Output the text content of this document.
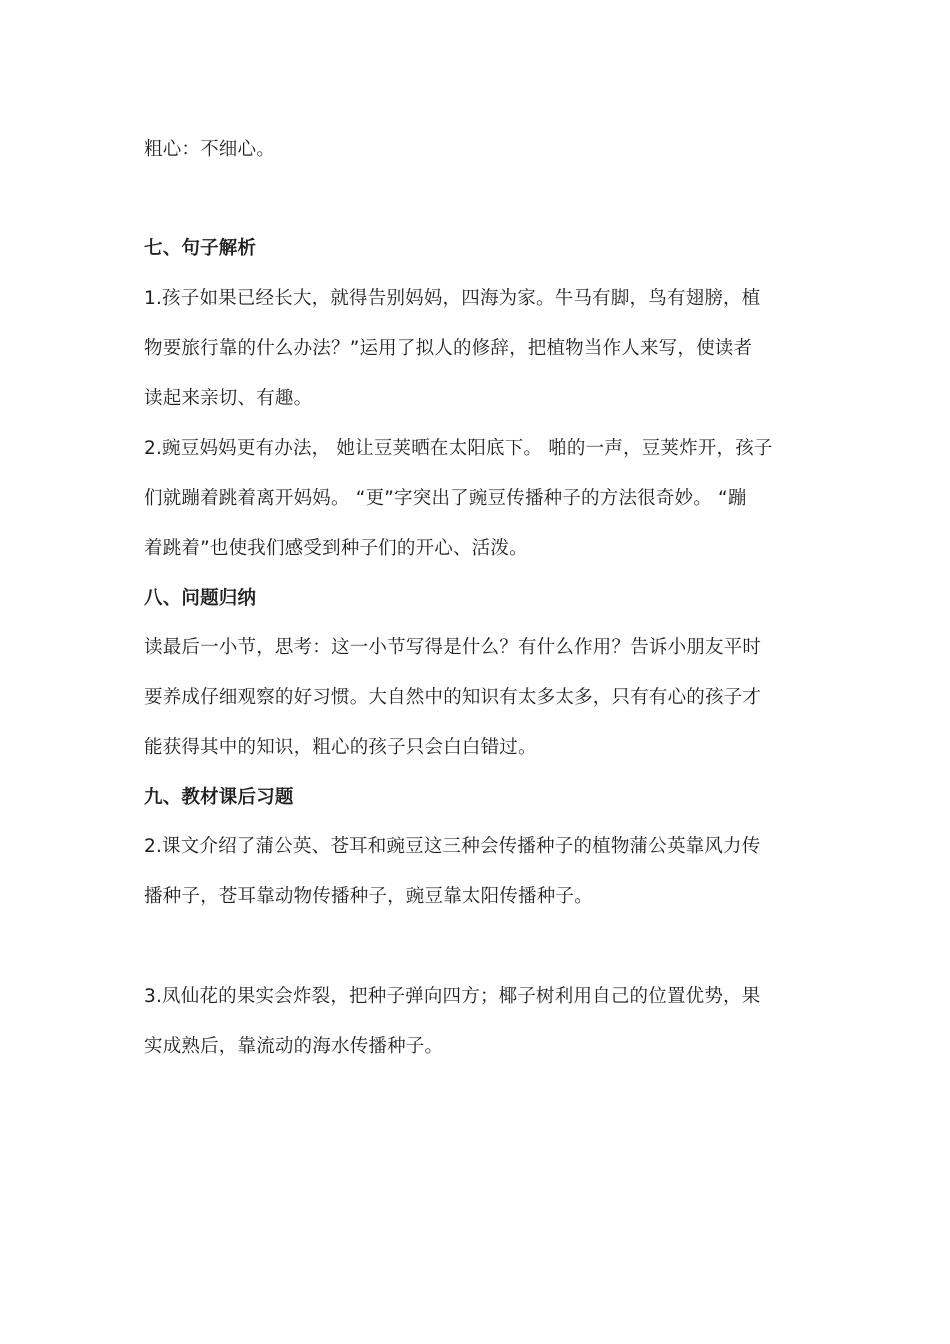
粗心：不细心。
七、句子解析
1.孩子如果已经长大，就得告别妈妈，四海为家。牛马有脚，鸟有翅膀，植
物要旅行靠的什么办法？”运用了拟人的修辞，把植物当作人来写，使读者
读起来亲切、有趣。
2.豌豆妈妈更有办法， 她让豆荚晒在太阳底下。 啪的一声，豆荚炸开，孩子
们就蹦着跳着离开妈妈。 “更”字突出了豌豆传播种子的方法很奇妙。 “蹦
着跳着”也使我们感受到种子们的开心、活泼。
八、问题归纳
读最后一小节，思考：这一小节写得是什么？有什么作用？告诉小朋友平时
要养成仔细观察的好习惯。大自然中的知识有太多太多，只有有心的孩子才
能获得其中的知识，粗心的孩子只会白白错过。
九、教材课后习题
2.课文介绍了蒲公英、苍耳和豌豆这三种会传播种子的植物蒲公英靠风力传
播种子，苍耳靠动物传播种子，豌豆靠太阳传播种子。
3.凤仙花的果实会炸裂，把种子弹向四方；椰子树利用自己的位置优势，果
实成熟后，靠流动的海水传播种子。
